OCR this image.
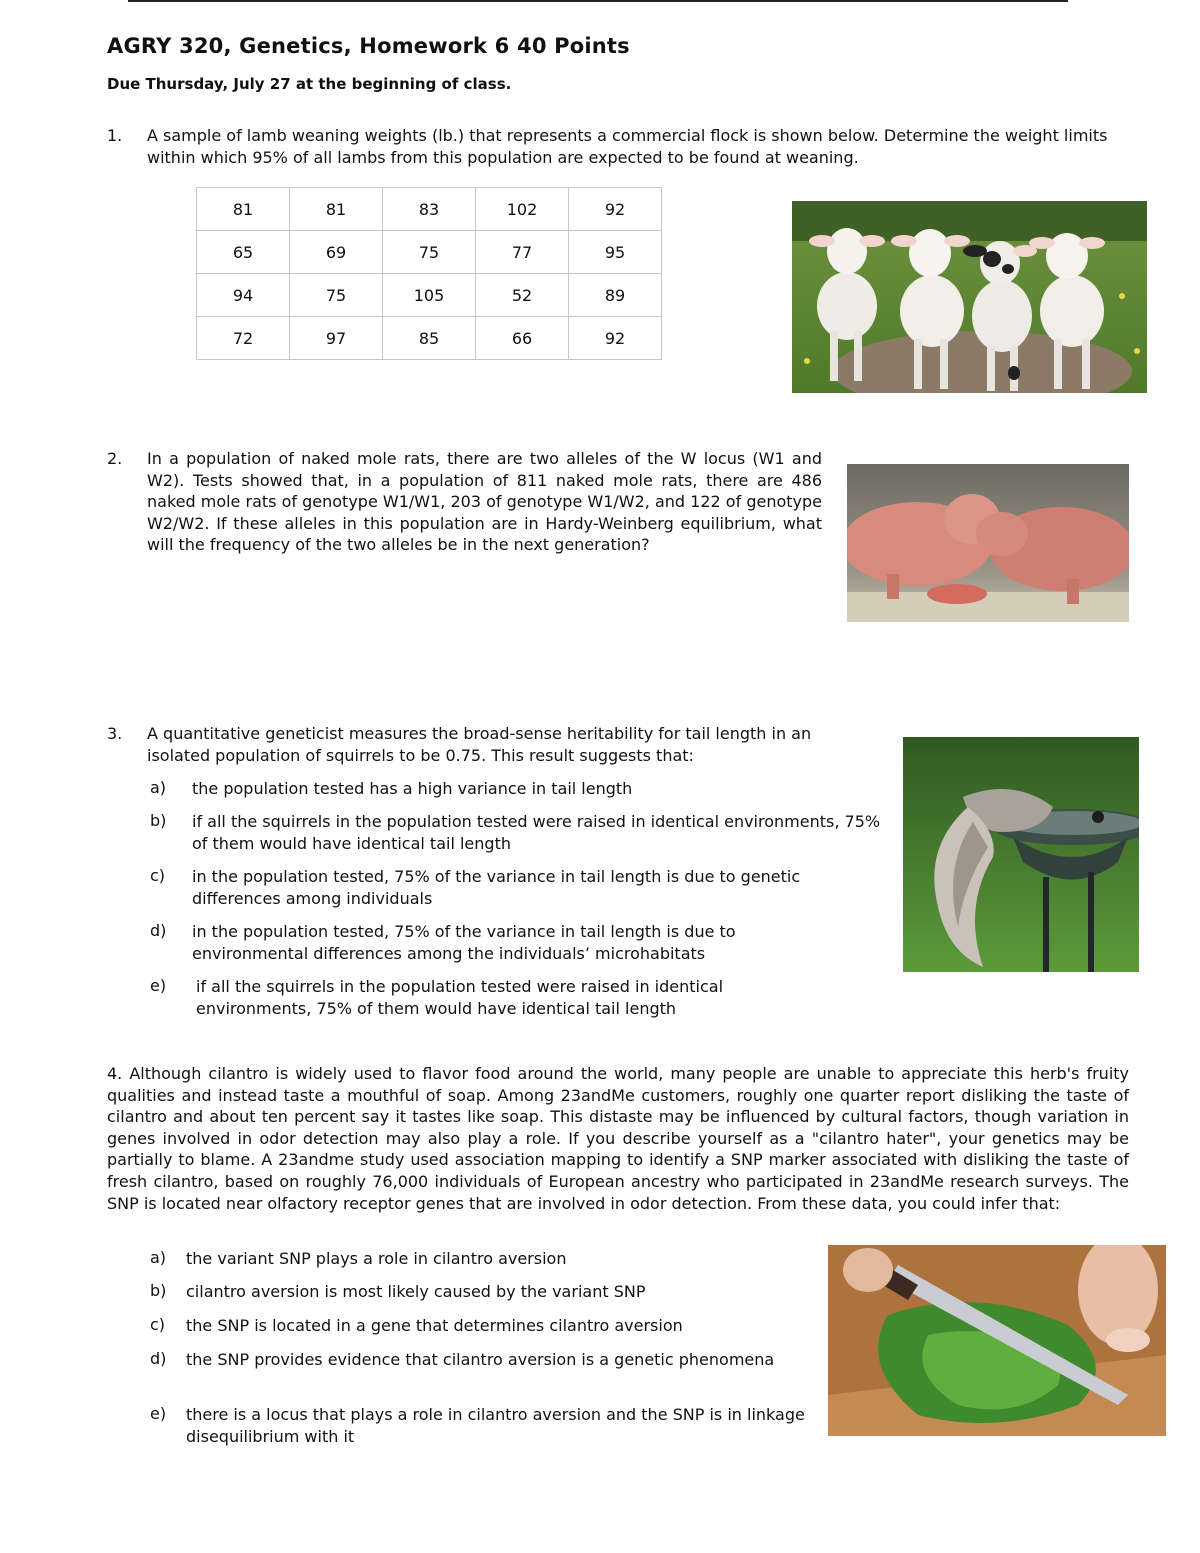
AGRY 320, Genetics, Homework 6 40 Points
Due Thursday, July 27 at the beginning of class.
1. A sample of lamb weaning weights (lb.) that represents a commercial flock is shown below. Determine the weight limits within which 95% of all lambs from this population are expected to be found at weaning.
81	81	83	102	92
65	69	75	77	95
94	75	105	52	89
72	97	85	66	92
2. In a population of naked mole rats, there are two alleles of the W locus (W1 and W2). Tests showed that, in a population of 811 naked mole rats, there are 486 naked mole rats of genotype W1/W1, 203 of genotype W1/W2, and 122 of genotype W2/W2. If these alleles in this population are in Hardy-Weinberg equilibrium, what will the frequency of the two alleles be in the next generation?
3. A quantitative geneticist measures the broad-sense heritability for tail length in an isolated population of squirrels to be 0.75. This result suggests that:
a) the population tested has a high variance in tail length
b) if all the squirrels in the population tested were raised in identical environments, 75% of them would have identical tail length
c) in the population tested, 75% of the variance in tail length is due to genetic differences among individuals
d) in the population tested, 75% of the variance in tail length is due to environmental differences among the individuals’ microhabitats
e) if all the squirrels in the population tested were raised in identical environments, 75% of them would have identical tail length
4. Although cilantro is widely used to flavor food around the world, many people are unable to appreciate this herb's fruity qualities and instead taste a mouthful of soap. Among 23andMe customers, roughly one quarter report disliking the taste of cilantro and about ten percent say it tastes like soap. This distaste may be influenced by cultural factors, though variation in genes involved in odor detection may also play a role. If you describe yourself as a "cilantro hater", your genetics may be partially to blame. A 23andme study used association mapping to identify a SNP marker associated with disliking the taste of fresh cilantro, based on roughly 76,000 individuals of European ancestry who participated in 23andMe research surveys. The SNP is located near olfactory receptor genes that are involved in odor detection. From these data, you could infer that:
a) the variant SNP plays a role in cilantro aversion
b) cilantro aversion is most likely caused by the variant SNP
c) the SNP is located in a gene that determines cilantro aversion
d) the SNP provides evidence that cilantro aversion is a genetic phenomena
e) there is a locus that plays a role in cilantro aversion and the SNP is in linkage disequilibrium with it
